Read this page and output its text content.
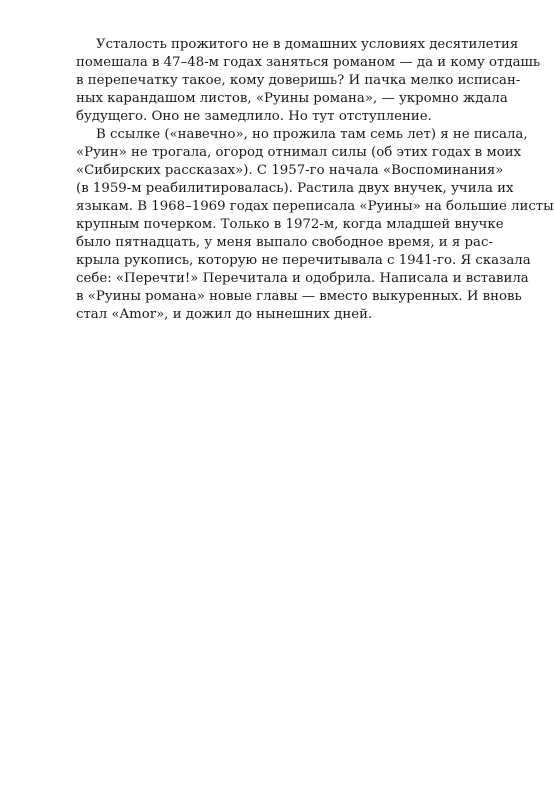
Усталость прожитого не в домашних условиях десятилетия
помешала в 47–48-м годах заняться романом — да и кому отдашь
в перепечатку такое, кому доверишь? И пачка мелко исписан-
ных карандашом листов, «Руины романа», — укромно ждала
будущего. Оно не замедлило. Но тут отступление.
В ссылке («навечно», но прожила там семь лет) я не писала,
«Руин» не трогала, огород отнимал силы (об этих годах в моих
«Сибирских рассказах»). С 1957-го начала «Воспоминания»
(в 1959-м реабилитировалась). Растила двух внучек, учила их
языкам. В 1968–1969 годах переписала «Руины» на большие листы
крупным почерком. Только в 1972-м, когда младшей внучке
было пятнадцать, у меня выпало свободное время, и я рас-
крыла рукопись, которую не перечитывала с 1941-го. Я сказала
себе: «Перечти!» Перечитала и одобрила. Написала и вставила
в «Руины романа» новые главы — вместо выкуренных. И вновь
стал «Amor», и дожил до нынешних дней.
